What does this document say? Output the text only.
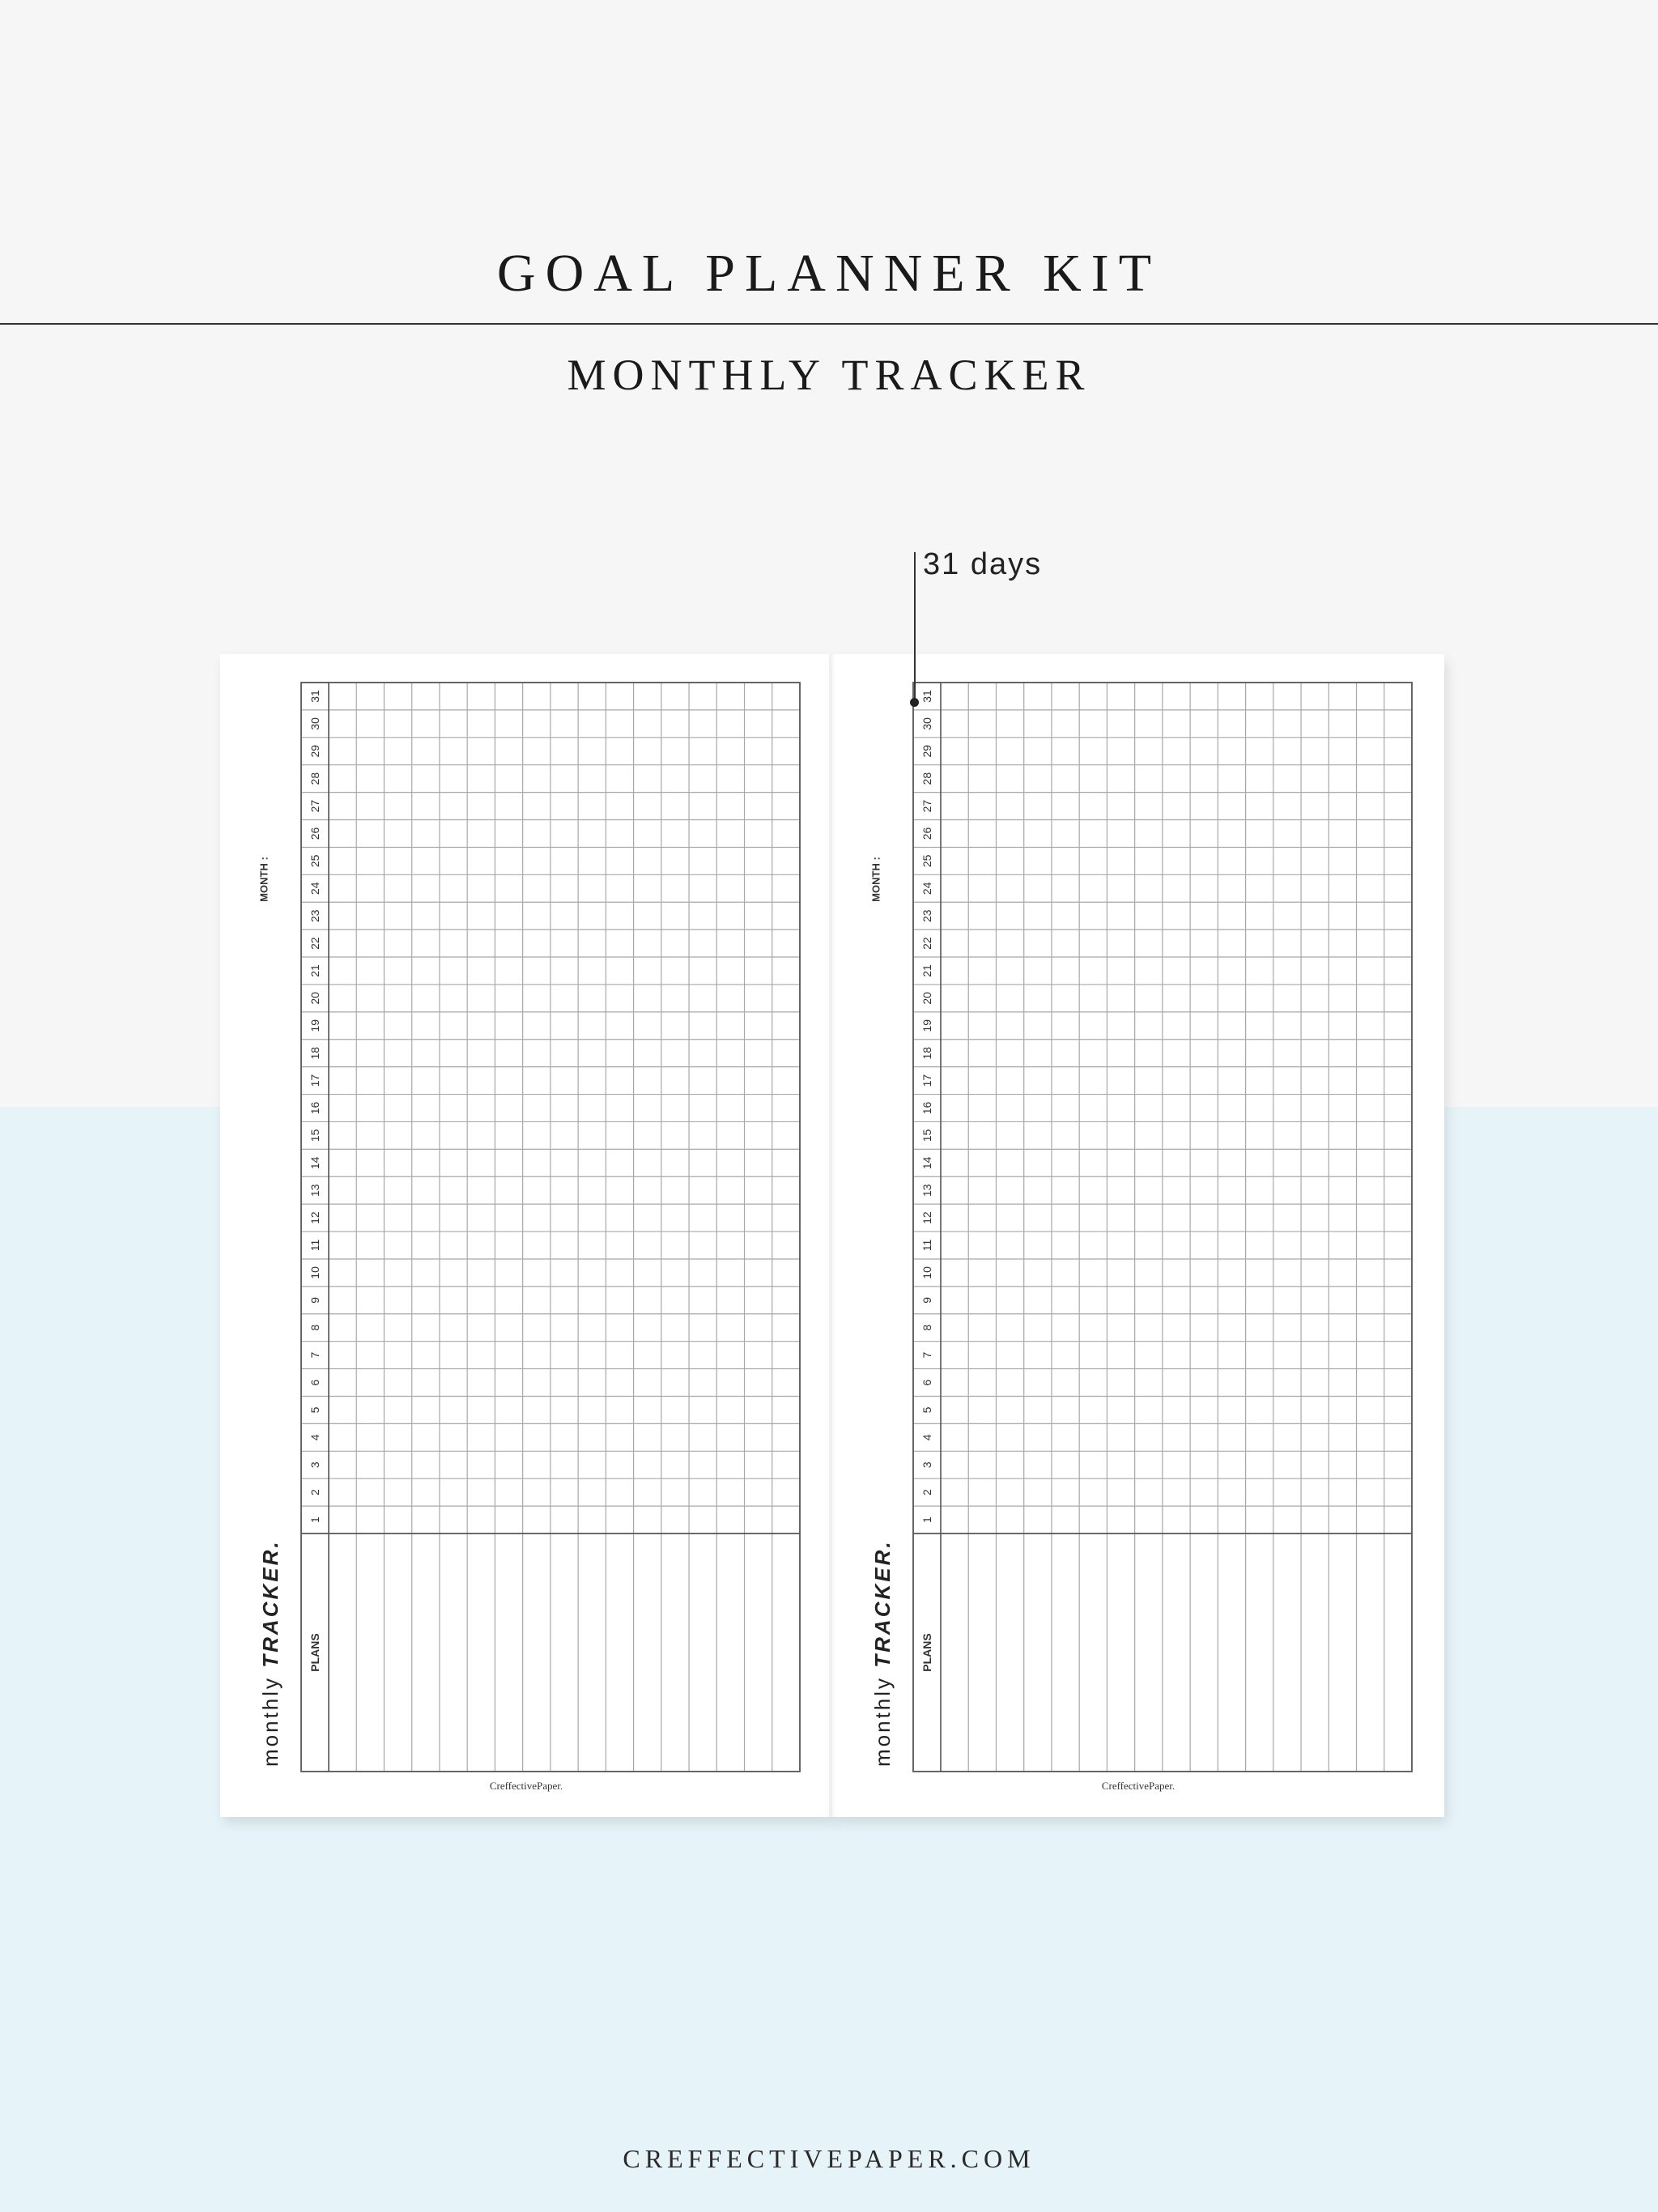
GOAL PLANNER KIT
MONTHLY TRACKER
1
2
3
4
5
6
7
8
9
10
11
12
13
14
15
16
17
18
19
20
21
22
23
24
25
26
27
28
29
30
31
MONTH :
PLANS
monthly TRACKER.
CreffectivePaper.
1
2
3
4
5
6
7
8
9
10
11
12
13
14
15
16
17
18
19
20
21
22
23
24
25
26
27
28
29
30
31
MONTH :
PLANS
monthly TRACKER.
CreffectivePaper.
31 days
CREFFECTIVEPAPER.COM
